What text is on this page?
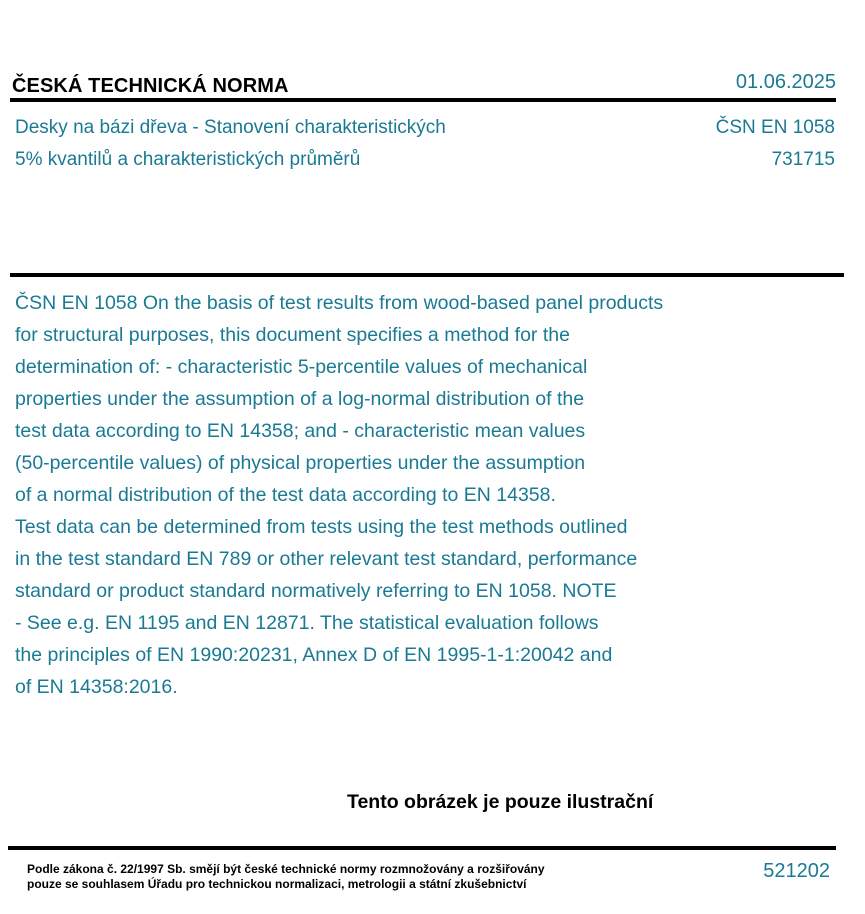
ČESKÁ TECHNICKÁ NORMA	01.06.2025
Desky na bázi dřeva - Stanovení charakteristických
5% kvantilů a charakteristických průměrů
ČSN EN 1058
731715
ČSN EN 1058 On the basis of test results from wood-based panel products
for structural purposes, this document specifies a method for the
determination of: - characteristic 5-percentile values of mechanical
properties under the assumption of a log-normal distribution of the
test data according to EN 14358; and - characteristic mean values
(50-percentile values) of physical properties under the assumption
of a normal distribution of the test data according to EN 14358.
Test data can be determined from tests using the test methods outlined
in the test standard EN 789 or other relevant test standard, performance
standard or product standard normatively referring to EN 1058. NOTE
- See e.g. EN 1195 and EN 12871. The statistical evaluation follows
the principles of EN 1990:20231, Annex D of EN 1995-1-1:20042 and
of EN 14358:2016.
Tento obrázek je pouze ilustrační
Podle zákona č. 22/1997 Sb. smějí být české technické normy rozmnožovány a rozšiřovány
pouze se souhlasem Úřadu pro technickou normalizaci, metrologii a státní zkušebnictví
521202
